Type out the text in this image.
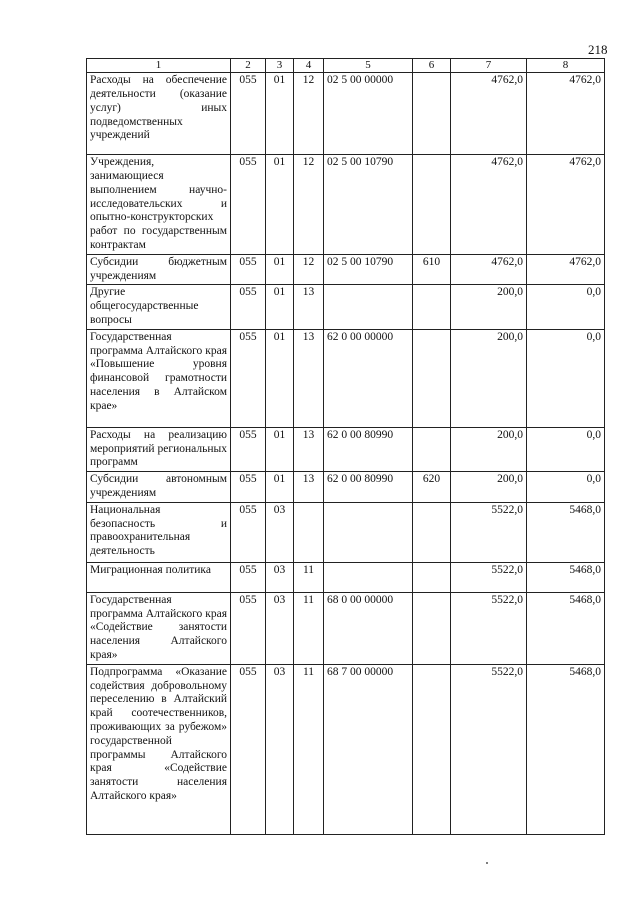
218
1	2	3	4	5	6	7	8
Расходы на обеспечение деятельности (оказание услуг) иных подведомственных учреждений	055	01	12	02 5 00 00000		4762,0	4762,0
Учреждения, занимающиеся выполнением научно-исследовательских и опытно-конструкторских работ по государственным контрактам	055	01	12	02 5 00 10790		4762,0	4762,0
Субсидии бюджетным учреждениям	055	01	12	02 5 00 10790	610	4762,0	4762,0
Другие общегосударственные вопросы	055	01	13			200,0	0,0
Государственная программа Алтайского края «Повышение уровня финансовой грамотности населения в Алтайском крае»	055	01	13	62 0 00 00000		200,0	0,0
Расходы на реализацию мероприятий региональных программ	055	01	13	62 0 00 80990		200,0	0,0
Субсидии автономным учреждениям	055	01	13	62 0 00 80990	620	200,0	0,0
Национальная безопасность и правоохранительная деятельность	055	03				5522,0	5468,0
Миграционная политика	055	03	11			5522,0	5468,0
Государственная программа Алтайского края «Содействие занятости населения Алтайского края»	055	03	11	68 0 00 00000		5522,0	5468,0
Подпрограмма «Оказание содействия добровольному переселению в Алтайский край соотечественников, проживающих за рубежом» государственной программы Алтайского края «Содействие занятости населения Алтайского края»	055	03	11	68 7 00 00000		5522,0	5468,0
